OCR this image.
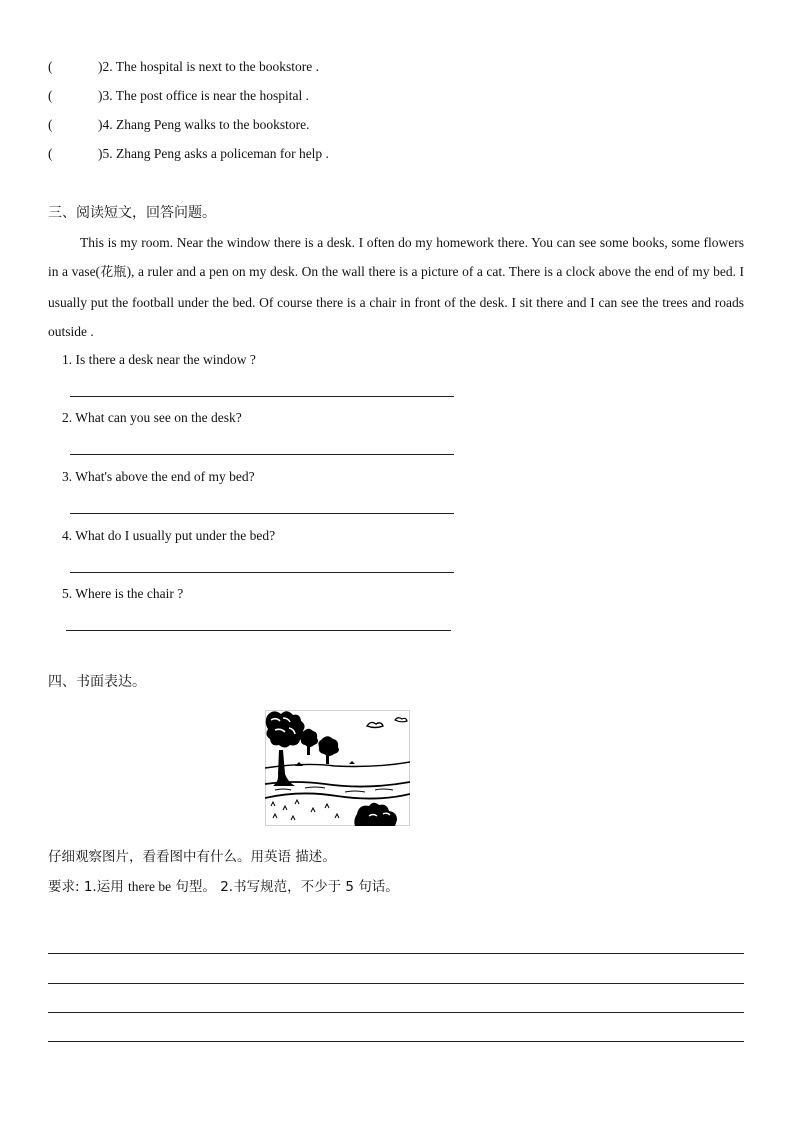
(	)2. The hospital is next to the bookstore .
(	)3. The post office is near the hospital .
(	)4. Zhang Peng walks to the bookstore.
(	)5. Zhang Peng asks a policeman for help .
三、阅读短文，回答问题。

This is my room. Near the window there is a desk. I often do my homework there. You can see some books, some flowers in a vase(花瓶), a ruler and a pen on my desk. On the wall there is a picture of a cat. There is a clock above the end of my bed. I usually put the football under the bed. Of course there is a chair in front of the desk. I sit there and I can see the trees and roads outside .

1. Is there a desk near the window ?
2. What can you see on the desk?
3. What's above the end of my bed?
4. What do I usually put under the bed?
5. Where is the chair ?
四、书面表达。
仔细观察图片，看看图中有什么。用英语 描述。
要求: 1.运用 there be 句型。 2.书写规范，不少于 5 句话。
